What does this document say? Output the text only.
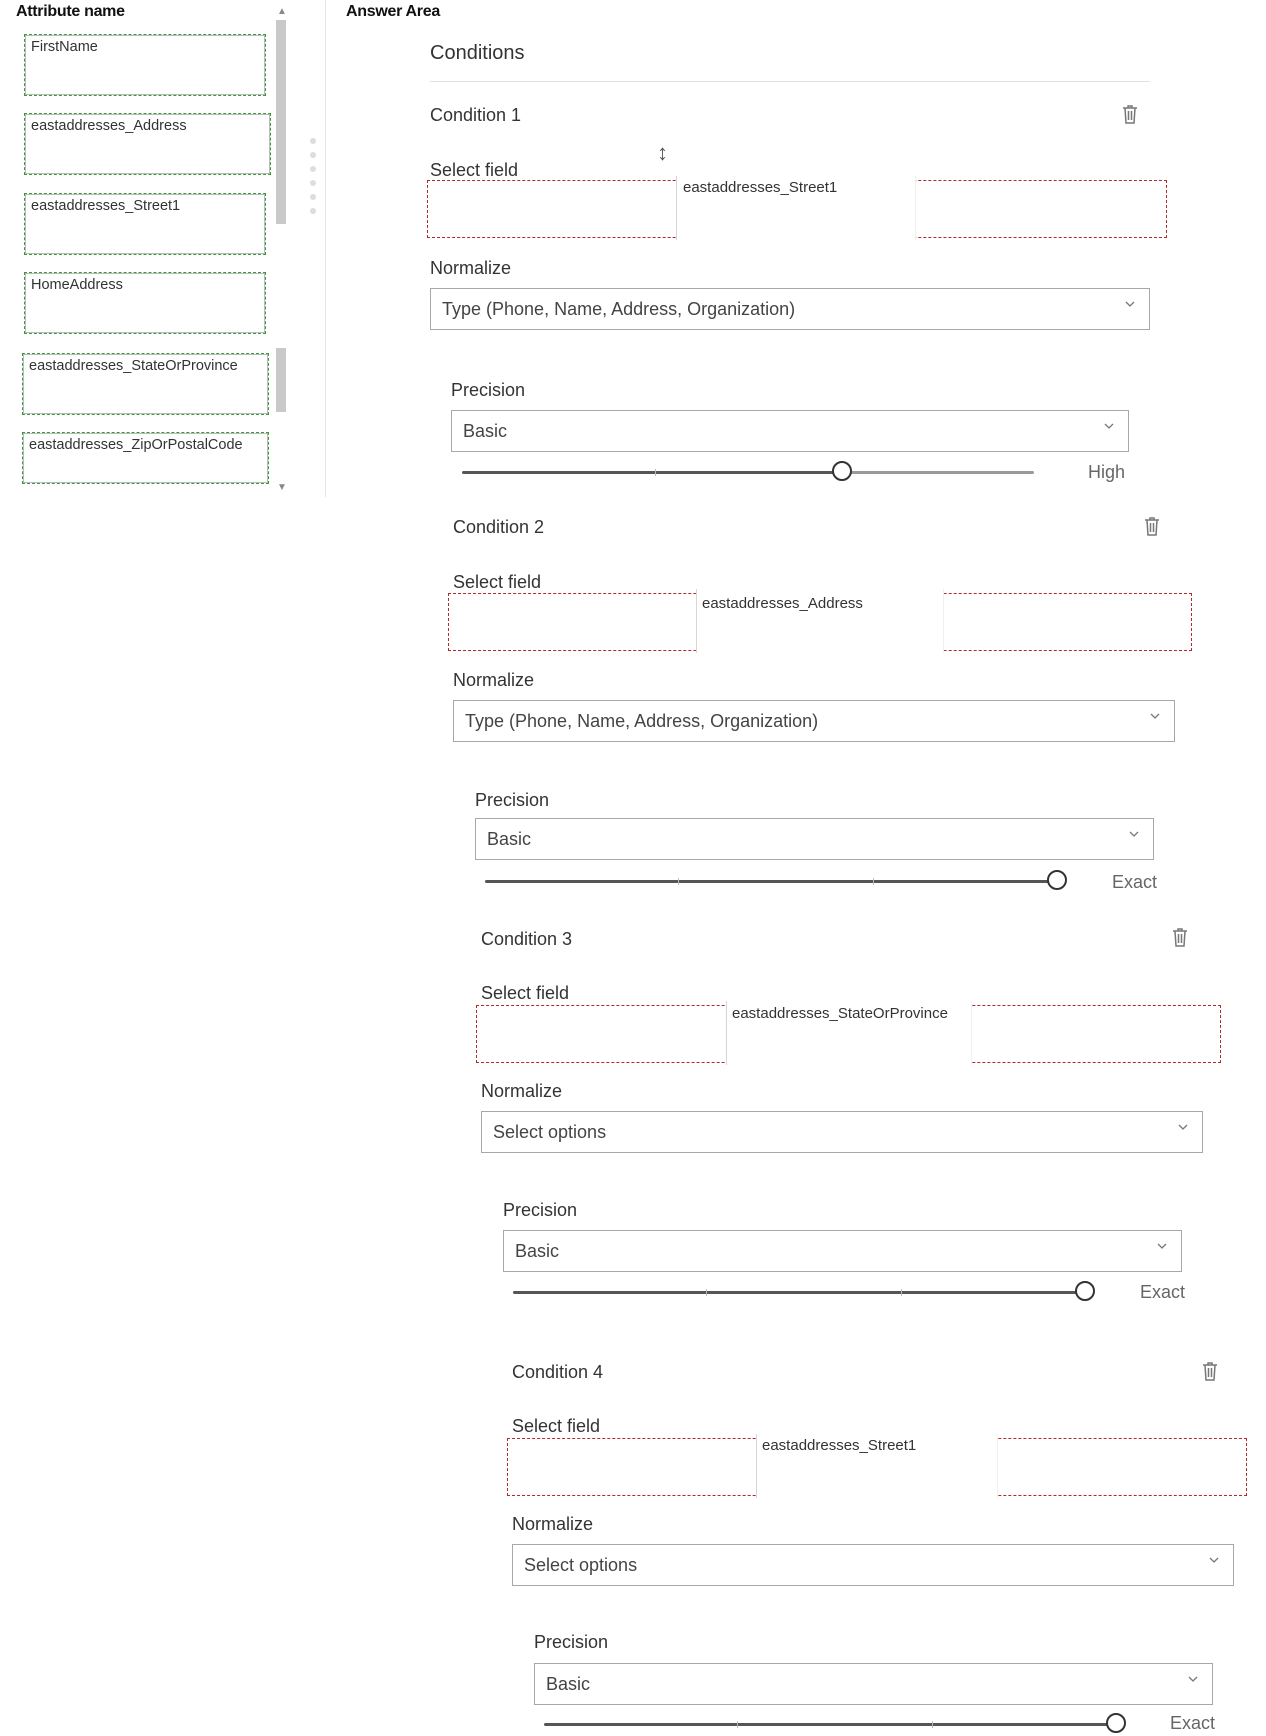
Attribute name
FirstName
eastaddresses_Address
eastaddresses_Street1
HomeAddress
eastaddresses_StateOrProvince
eastaddresses_ZipOrPostalCode
▲
▼
Answer Area
Conditions
↕
Condition 1
Select field
eastaddresses_Street1
Normalize
Type (Phone, Name, Address, Organization)
Precision
Basic
High
Condition 2
Select field
eastaddresses_Address
Normalize
Type (Phone, Name, Address, Organization)
Precision
Basic
Exact
Condition 3
Select field
eastaddresses_StateOrProvince
Normalize
Select options
Precision
Basic
Exact
Condition 4
Select field
eastaddresses_Street1
Normalize
Select options
Precision
Basic
Exact
